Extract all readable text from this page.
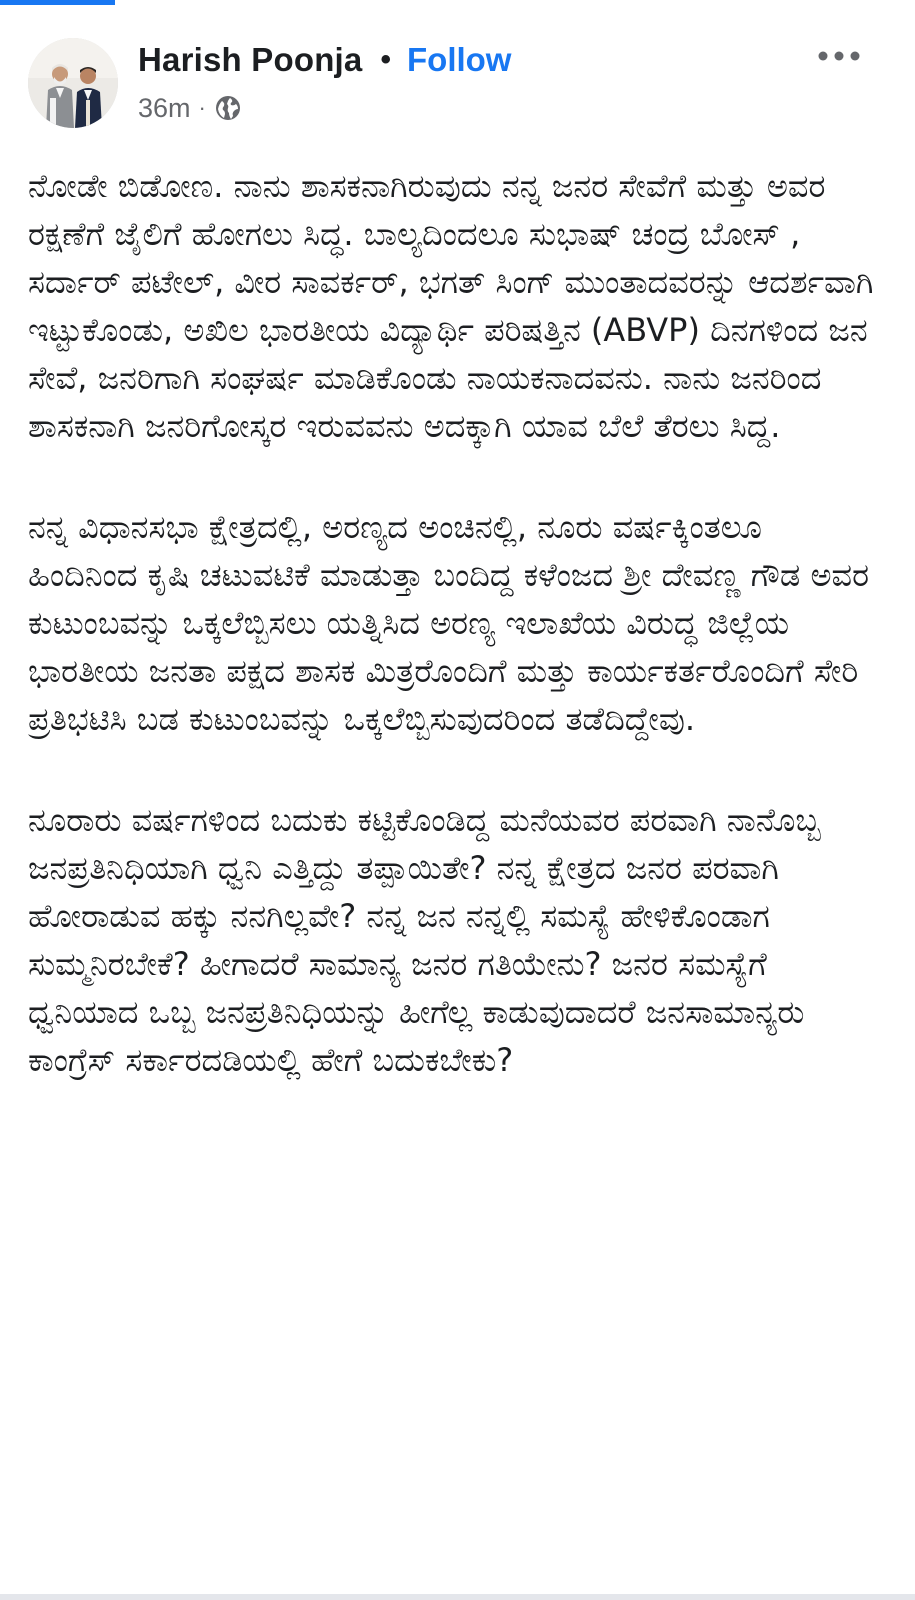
Harish Poonja • Follow
36m ·

ನೋಡೇ ಬಿಡೋಣ. ನಾನು ಶಾಸಕನಾಗಿರುವುದು ನನ್ನ ಜನರ ಸೇವೆಗೆ ಮತ್ತು ಅವರ ರಕ್ಷಣೆಗೆ ಜೈಲಿಗೆ ಹೋಗಲು ಸಿದ್ಧ. ಬಾಲ್ಯದಿಂದಲೂ ಸುಭಾಷ್ ಚಂದ್ರ ಬೋಸ್ , ಸರ್ದಾರ್ ಪಟೇಲ್, ವೀರ ಸಾವರ್ಕರ್, ಭಗತ್ ಸಿಂಗ್ ಮುಂತಾದವರನ್ನು ಆದರ್ಶವಾಗಿ ಇಟ್ಟುಕೊಂಡು, ಅಖಿಲ ಭಾರತೀಯ ವಿದ್ಯಾರ್ಥಿ ಪರಿಷತ್ತಿನ (ABVP) ದಿನಗಳಿಂದ ಜನ ಸೇವೆ, ಜನರಿಗಾಗಿ ಸಂಘರ್ಷ ಮಾಡಿಕೊಂಡು ನಾಯಕನಾದವನು. ನಾನು ಜನರಿಂದ ಶಾಸಕನಾಗಿ ಜನರಿಗೋಸ್ಕರ ಇರುವವನು ಅದಕ್ಕಾಗಿ ಯಾವ ಬೆಲೆ ತೆರಲು ಸಿದ್ದ.

ನನ್ನ ವಿಧಾನಸಭಾ ಕ್ಷೇತ್ರದಲ್ಲಿ, ಅರಣ್ಯದ ಅಂಚಿನಲ್ಲಿ, ನೂರು ವರ್ಷಕ್ಕಿಂತಲೂ ಹಿಂದಿನಿಂದ ಕೃಷಿ ಚಟುವಟಿಕೆ ಮಾಡುತ್ತಾ ಬಂದಿದ್ದ ಕಳೆಂಜದ ಶ್ರೀ ದೇವಣ್ಣ ಗೌಡ ಅವರ ಕುಟುಂಬವನ್ನು ಒಕ್ಕಲೆಬ್ಬಿಸಲು ಯತ್ನಿಸಿದ ಅರಣ್ಯ ಇಲಾಖೆಯ ವಿರುದ್ಧ ಜಿಲ್ಲೆಯ ಭಾರತೀಯ ಜನತಾ ಪಕ್ಷದ ಶಾಸಕ ಮಿತ್ರರೊಂದಿಗೆ ಮತ್ತು ಕಾರ್ಯಕರ್ತರೊಂದಿಗೆ ಸೇರಿ ಪ್ರತಿಭಟಿಸಿ ಬಡ ಕುಟುಂಬವನ್ನು ಒಕ್ಕಲೆಬ್ಬಿಸುವುದರಿಂದ ತಡೆದಿದ್ದೇವು.

ನೂರಾರು ವರ್ಷಗಳಿಂದ ಬದುಕು ಕಟ್ಟಿಕೊಂಡಿದ್ದ ಮನೆಯವರ ಪರವಾಗಿ ನಾನೊಬ್ಬ ಜನಪ್ರತಿನಿಧಿಯಾಗಿ ಧ್ವನಿ ಎತ್ತಿದ್ದು ತಪ್ಪಾಯಿತೇ? ನನ್ನ ಕ್ಷೇತ್ರದ ಜನರ ಪರವಾಗಿ ಹೋರಾಡುವ ಹಕ್ಕು ನನಗಿಲ್ಲವೇ? ನನ್ನ ಜನ ನನ್ನಲ್ಲಿ ಸಮಸ್ಯೆ ಹೇಳಿಕೊಂಡಾಗ ಸುಮ್ಮನಿರಬೇಕೆ? ಹೀಗಾದರೆ ಸಾಮಾನ್ಯ ಜನರ ಗತಿಯೇನು? ಜನರ ಸಮಸ್ಯೆಗೆ ಧ್ವನಿಯಾದ ಒಬ್ಬ ಜನಪ್ರತಿನಿಧಿಯನ್ನು ಹೀಗೆಲ್ಲ ಕಾಡುವುದಾದರೆ ಜನಸಾಮಾನ್ಯರು ಕಾಂಗ್ರೆಸ್ ಸರ್ಕಾರದಡಿಯಲ್ಲಿ ಹೇಗೆ ಬದುಕಬೇಕು?
